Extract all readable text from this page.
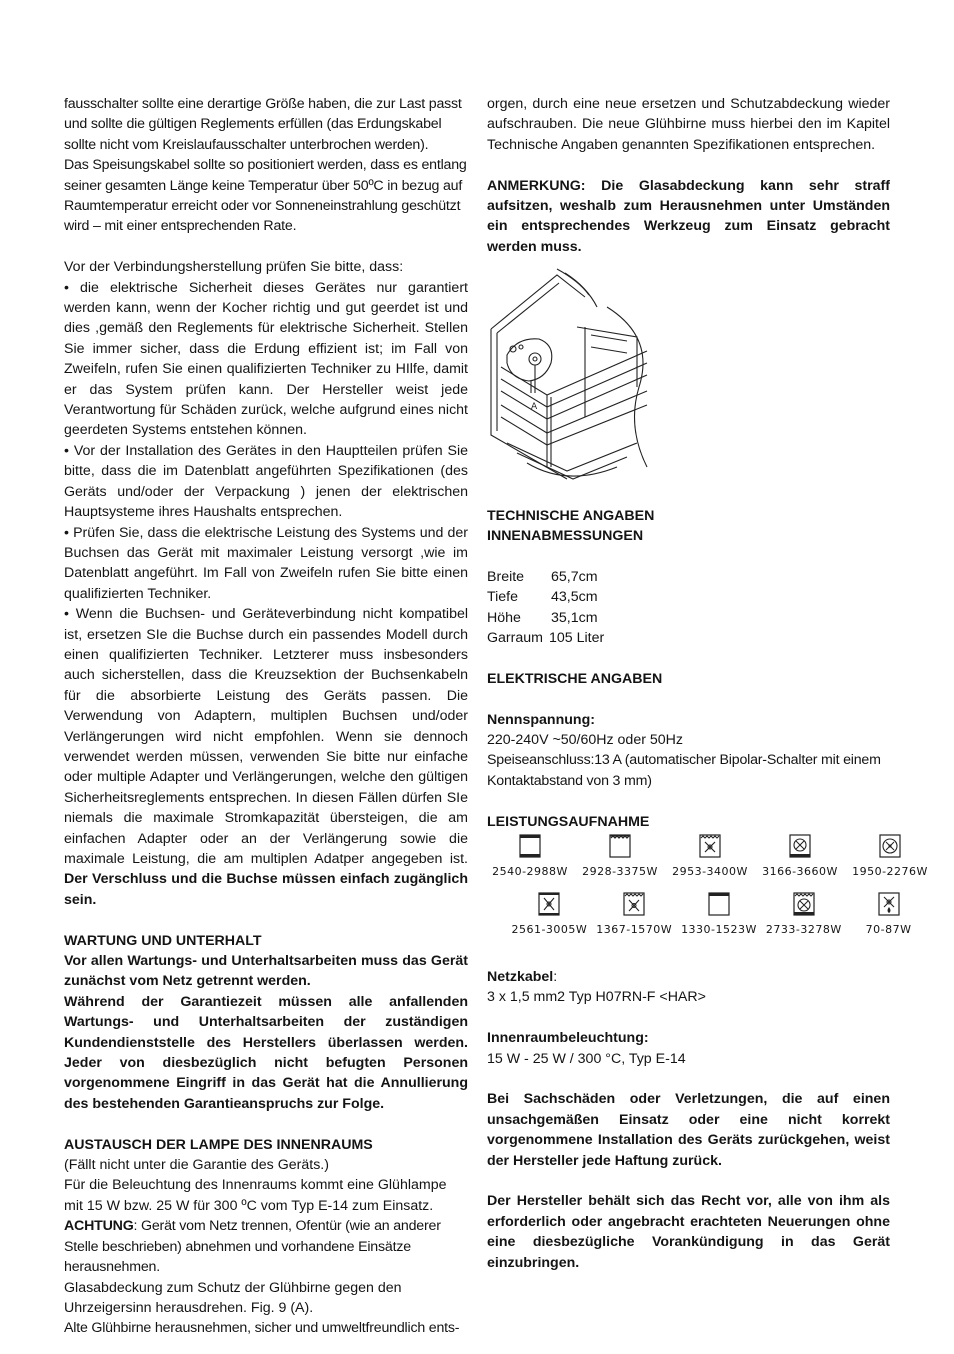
fausschalter sollte eine derartige Größe haben, die zur Last passt und sollte die gültigen Reglements erfüllen (das Erdungskabel sollte nicht vom Kreislaufausschalter unterbrochen werden).

Das Speisungskabel sollte so positioniert werden, dass es entlang seiner gesamten Länge keine Temperatur über 50ºC in bezug auf Raumtemperatur erreicht oder vor Sonneneinstrahlung geschützt wird – mit einer entsprechenden Rate.

Vor der Verbindungsherstellung prüfen Sie bitte, dass:

• die elektrische Sicherheit dieses Gerätes nur garantiert werden kann, wenn der Kocher richtig und gut geerdet ist und dies ,gemäß den Reglements für elektrische Sicherheit. Stellen Sie immer sicher, dass die Erdung effizient ist; im Fall von Zweifeln, rufen Sie einen qualifizierten Techniker zu HIlfe, damit er das System prüfen kann. Der Hersteller weist jede Verantwortung für Schäden zurück, welche aufgrund eines nicht geerdeten Systems entstehen können.

• Vor der Installation des Gerätes in den Hauptteilen prüfen Sie bitte, dass die im Datenblatt angeführten Spezifikationen (des Geräts und/oder der Verpackung ) jenen der elektrischen Hauptsysteme ihres Haushalts entsprechen.

• Prüfen Sie, dass die elektrische Leistung des Systems und der Buchsen das Gerät mit maximaler Leistung versorgt ,wie im Datenblatt angeführt. Im Fall von Zweifeln rufen Sie bitte einen qualifizierten Techniker.

• Wenn die Buchsen- und Geräteverbindung nicht kompatibel ist, ersetzen SIe die Buchse durch ein passendes Modell durch einen qualifizierten Techniker. Letzterer muss insbesonders auch sicherstellen, dass die Kreuzsektion der Buchsenkabeln für die absorbierte Leistung des Geräts passen. Die Verwendung von Adaptern, multiplen Buchsen und/oder Verlängerungen wird nicht empfohlen. Wenn sie dennoch verwendet werden müssen, verwenden Sie bitte nur einfache oder multiple Adapter und Verlängerungen, welche den gültigen Sicherheitsreglements entsprechen. In diesen Fällen dürfen SIe niemals die maximale Stromkapazität übersteigen, die am einfachen Adapter oder an der Verlängerung sowie die maximale Leistung, die am multiplen Adatper angegeben ist. Der Verschluss und die Buchse müssen einfach zugänglich sein.

WARTUNG UND UNTERHALT

Vor allen Wartungs- und Unterhaltsarbeiten muss das Gerät zunächst vom Netz getrennt werden.

Während der Garantiezeit müssen alle anfallenden Wartungs- und Unterhaltsarbeiten der zuständigen Kundendienststelle des Herstellers überlassen werden. Jeder von diesbezüglich nicht befugten Personen vorgenommene Eingriff in das Gerät hat die Annullierung des bestehenden Garantieanspruchs zur Folge.

AUSTAUSCH DER LAMPE DES INNENRAUMS

(Fällt nicht unter die Garantie des Geräts.)

Für die Beleuchtung des Innenraums kommt eine Glühlampe mit 15 W bzw. 25 W für 300 ºC vom Typ E-14 zum Einsatz.

ACHTUNG: Gerät vom Netz trennen, Ofentür (wie an anderer Stelle beschrieben) abnehmen und vorhandene Einsätze herausnehmen.

Glasabdeckung zum Schutz der Glühbirne gegen den Uhrzeigersinn herausdrehen. Fig. 9 (A).

Alte Glühbirne herausnehmen, sicher und umweltfreundlich ents-

orgen, durch eine neue ersetzen und Schutzabdeckung wieder aufschrauben. Die neue Glühbirne muss hierbei den im Kapitel Technische Angaben genannten Spezifikationen entsprechen.

ANMERKUNG: Die Glasabdeckung kann sehr straff aufsitzen, weshalb zum Herausnehmen unter Umständen ein entsprechendes Werkzeug zum Einsatz gebracht werden muss.

A

TECHNISCHE ANGABEN

INNENABMESSUNGEN

Breite	65,7cm
Tiefe	43,5cm
Höhe	35,1cm
Garraum 105 Liter

ELEKTRISCHE ANGABEN

Nennspannung:

220-240V ~50/60Hz oder 50Hz

Speiseanschluss:13 A (automatischer Bipolar-Schalter mit einem Kontaktabstand von 3 mm)

LEISTUNGSAUFNAHME

2540-2988W 2928-3375W 2953-3400W 3166-3660W 1950-2276W
2561-3005W 1367-1570W 1330-1523W 2733-3278W 70-87W

Netzkabel:

3 x 1,5 mm2 Typ H07RN-F <HAR>

Innenraumbeleuchtung:

15 W - 25 W / 300 °C, Typ E-14

Bei Sachschäden oder Verletzungen, die auf einen unsachgemäßen Einsatz oder eine nicht korrekt vorgenommene Installation des Geräts zurückgehen, weist der Hersteller jede Haftung zurück.

Der Hersteller behält sich das Recht vor, alle von ihm als erforderlich oder angebracht erachteten Neuerungen ohne eine diesbezügliche Vorankündigung in das Gerät einzubringen.
